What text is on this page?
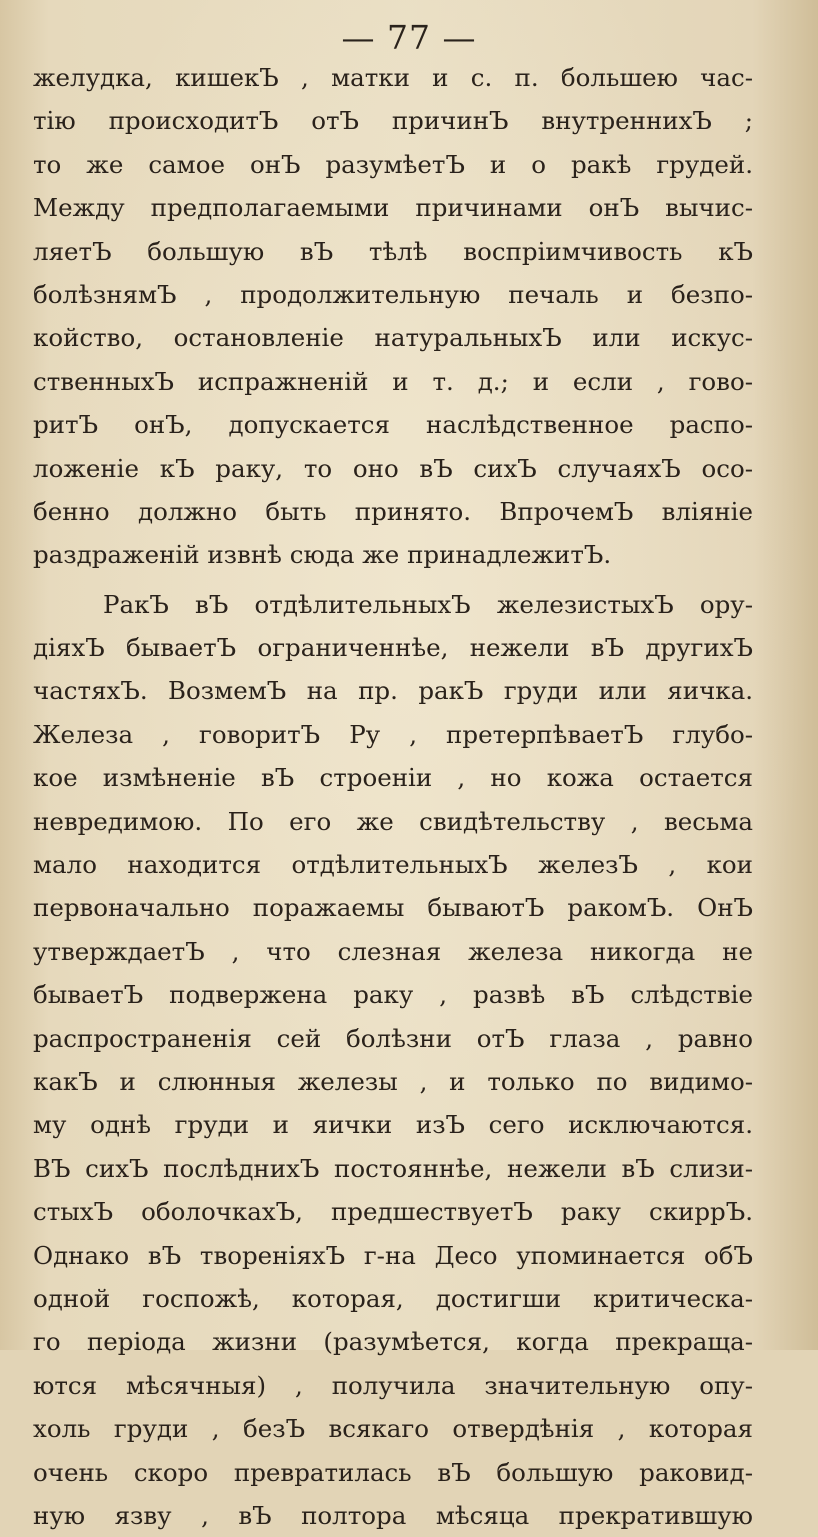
— 77 —
желудка, кишекЪ , матки и с. п. большею час-
тію происходитЪ отЪ причинЪ внутреннихЪ ;
то же самое онЪ разумѣетЪ и о ракѣ грудей.
Между предполагаемыми причинами онЪ вычис-
ляетЪ большую вЪ тѣлѣ воспріимчивость кЪ
болѣзнямЪ , продолжительную печаль и безпо-
койство, остановленіе натуральныхЪ или искус-
ственныхЪ испражненій и т. д.; и если , гово-
ритЪ онЪ, допускается наслѣдственное распо-
ложеніе кЪ раку, то оно вЪ сихЪ случаяхЪ осо-
бенно должно быть принято. ВпрочемЪ вліяніе
раздраженій извнѣ сюда же принадлежитЪ.
РакЪ вЪ отдѣлительныхЪ железистыхЪ ору-
діяхЪ бываетЪ ограниченнѣе, нежели вЪ другихЪ
частяхЪ. ВозмемЪ на пр. ракЪ груди или яичка.
Железа , говоритЪ Ру , претерпѣваетЪ глубо-
кое измѣненіе вЪ строеніи , но кожа остается
невредимою. По его же свидѣтельству , весьма
мало находится отдѣлительныхЪ железЪ , кои
первоначально поражаемы бываютЪ ракомЪ. ОнЪ
утверждаетЪ , что слезная железа никогда не
бываетЪ подвержена раку , развѣ вЪ слѣдствіе
распространенія сей болѣзни отЪ глаза , равно
какЪ и слюнныя железы , и только по видимо-
му однѣ груди и яички изЪ сего исключаются.
ВЪ сихЪ послѣднихЪ постояннѣе, нежели вЪ слизи-
стыхЪ оболочкахЪ, предшествуетЪ раку скиррЪ.
Однако вЪ твореніяхЪ г-на Десо упоминается обЪ
одной госпожѣ, которая, достигши критическа-
го періода жизни (разумѣется, когда прекраща-
ются мѣсячныя) , получила значительную опу-
холь груди , безЪ всякаго отвердѣнія , которая
очень скоро превратилась вЪ большую раковид-
ную язву , вЪ полтора мѣсяца прекратившую
